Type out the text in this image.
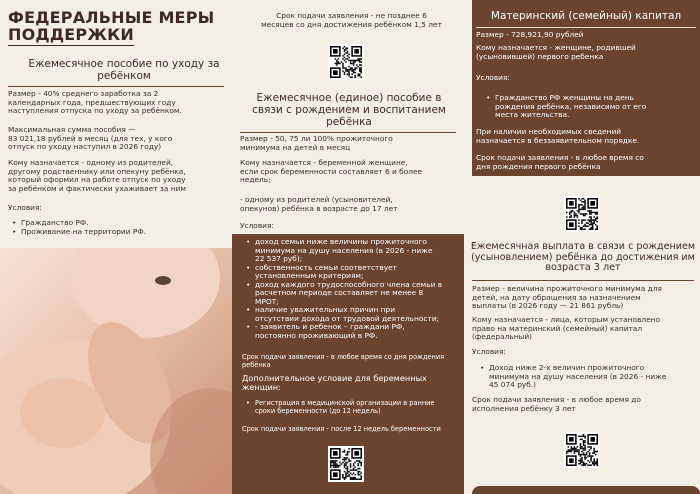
ФЕДЕРАЛЬНЫЕ МЕРЫ
ПОДДЕРЖКИ
Ежемесячное пособие по уходу за
ребёнком
Размер - 40% среднего заработка за 2
календарных года, предшествующих году
наступления отпуска по уходу за ребёнком.
Максимальная сумма пособия —
83 021,18 рублей в месяц (для тех, у кого
отпуск по уходу наступил в 2026 году)
Кому назначается - одному из родителей,
другому родственнику или опекуну ребёнка,
который оформил на работе отпуск по уходу
за ребёнком и фактически ухаживает за ним
Условия:
• Гражданство РФ.
• Проживание на территории РФ.
Срок подачи заявления - не позднее 6
месяцев со дня достижения ребёнком 1,5 лет
Ежемесячное (единое) пособие в
связи с рождением и воспитанием
ребёнка
Размер - 50, 75 ли 100% прожиточного
минимума на детей в месяц
Кому назначается - беременной женщине,
если срок беременности составляет 6 и более
недель;
- одному из родителей (усыновителей,
опекунов) ребёнка в возрасте до 17 лет
Условия:
• доход семьи ниже величины прожиточного
минимума на душу населения (в 2026 - ниже
22 537 руб);
• собственность семьи соответствует
установленным критериям;
• доход каждого трудоспособного члена семьи в
расчетном периоде составляет не менее 8
МРОТ;
• наличие уважительных причин при
отсутствии дохода от трудовой деятельности;
• - заявитель и ребенок – граждани РФ,
постоянно проживающий в РФ.
Срок подачи заявления - в любое время со дня рождения
ребёнка
Дополнительное условие для беременных
женщин:
• Регистрация в медицинской организации в ранние
сроки беременности (до 12 недель)
Срок подачи заявления - после 12 недель беременности
Материнский (семейный) капитал
Размер - 728,921,90 рублей
Кому назначается - женщине, родившей
(усыновившей) первого ребенка
Условия:
• Гражданство РФ женщины на день
рождения ребёнка, независимо от его
места жительства.
При наличии необходимых сведений
назначается в беззаявительном порядке.
Срок подачи заявления - в любое время со
дня рождения первого ребёнка
Ежемесячная выплата в связи с рождением
(усыновлением) ребёнка до достижения им
возраста 3 лет
Размер - величина прожиточного минимума для
детей, на дату обращения за назначением
выплаты (в 2026 году — 21 861 рубль)
Кому назначается - лица, которым установлено
право на материнский (семейный) капитал
(федеральный)
Условия:
• Доход ниже 2-х величин прожиточного
минимума на душу населения (в 2026 - ниже
45 074 руб.)
Срок подачи заявления - в любое время до
исполнения ребёнку 3 лет
